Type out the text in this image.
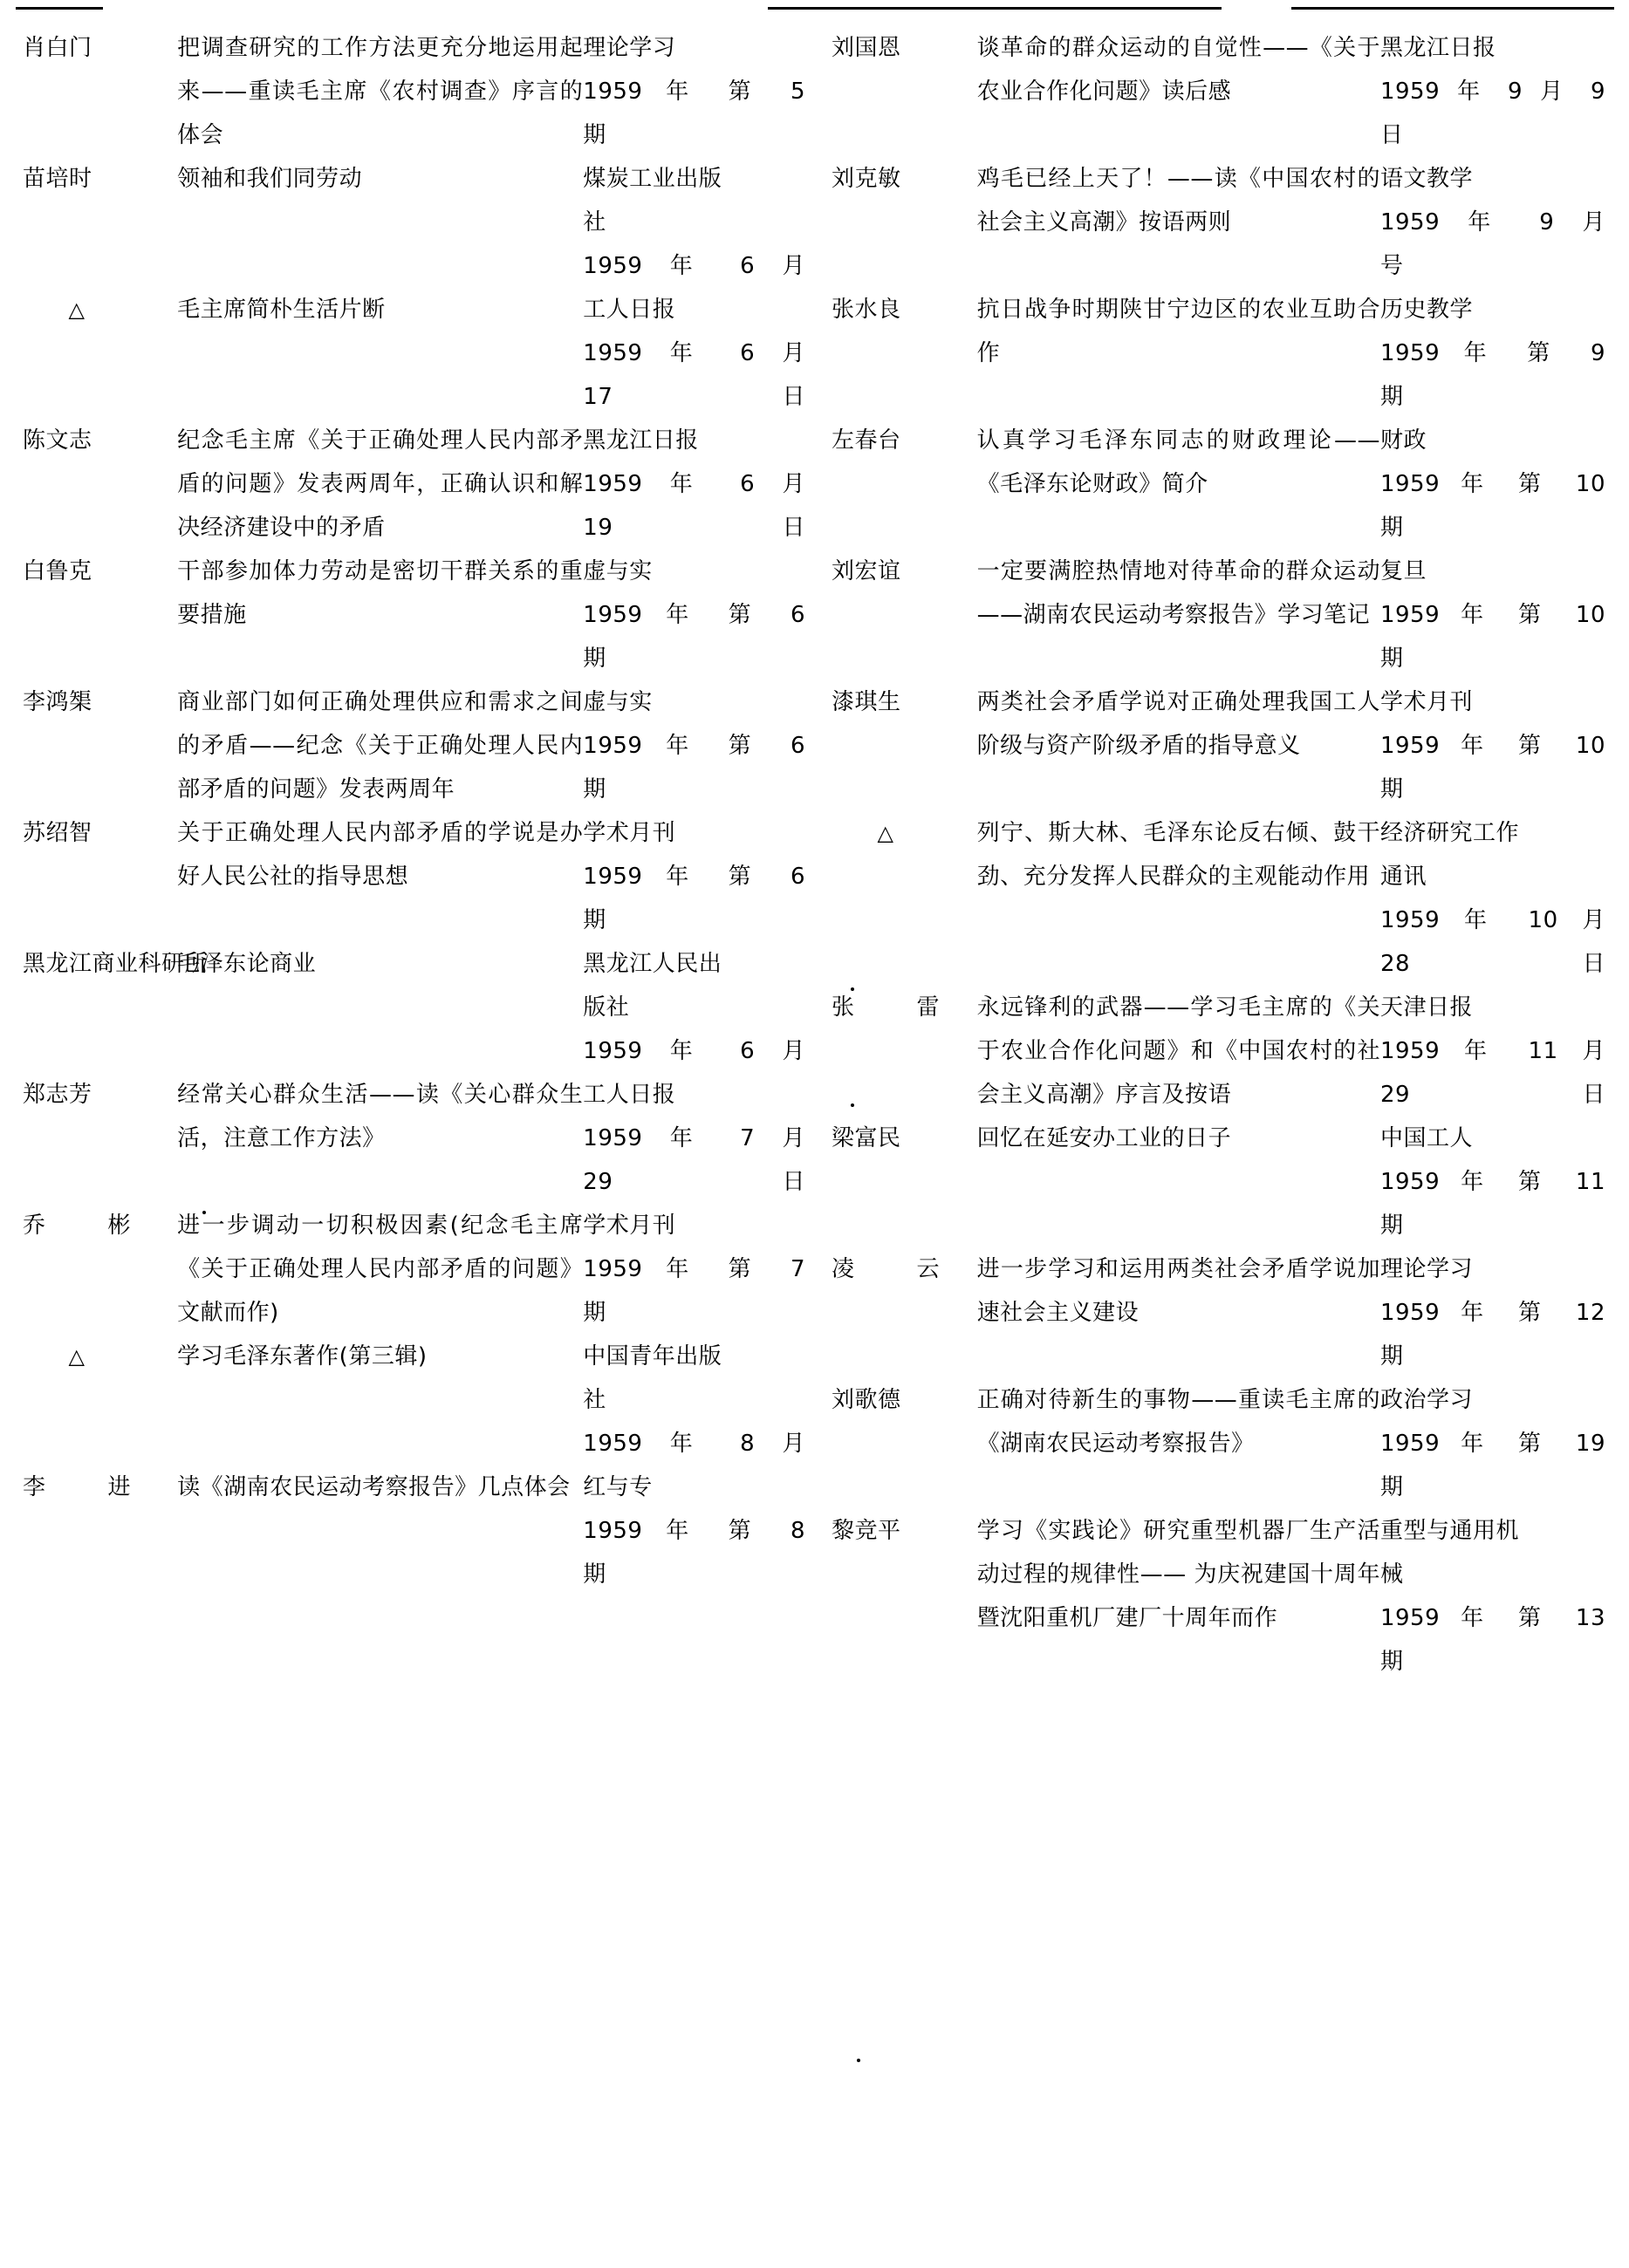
肖白门	把调查研究的工作方法更充分地运用起来——重读毛主席《农村调查》序言的体会	理论学习
1959 年 第 5
期

苗培时	领袖和我们同劳动	煤炭工业出版
社
1959 年 6 月

△	毛主席简朴生活片断	工人日报
1959 年 6 月
17 日

陈文志	纪念毛主席《关于正确处理人民内部矛盾的问题》发表两周年，正确认识和解决经济建设中的矛盾	黑龙江日报
1959 年 6 月
19 日

白鲁克	干部参加体力劳动是密切干群关系的重要措施	虚与实
1959 年 第 6
期

李鸿榘	商业部门如何正确处理供应和需求之间的矛盾——纪念《关于正确处理人民内部矛盾的问题》发表两周年	虚与实
1959 年 第 6
期

苏绍智	关于正确处理人民内部矛盾的学说是办好人民公社的指导思想	学术月刊
1959 年 第 6
期

黑龙江商业科研所	毛泽东论商业	黑龙江人民出
版社
1959 年 6 月

郑志芳	经常关心群众生活——读《关心群众生活，注意工作方法》	工人日报
1959 年 7 月
29 日

乔彬	进一步调动一切积极因素(纪念毛主席《关于正确处理人民内部矛盾的问题》文献而作)	学术月刊
1959 年 第 7
期

△	学习毛泽东著作(第三辑)	中国青年出版
社
1959 年 8 月

李进	读《湖南农民运动考察报告》几点体会	红与专
1959 年 第 8
期
刘国恩	谈革命的群众运动的自觉性——《关于农业合作化问题》读后感	黑龙江日报
1959 年 9 月 9
日

刘克敏	鸡毛已经上天了！——读《中国农村的社会主义高潮》按语两则	语文教学
1959 年 9 月
号

张水良	抗日战争时期陕甘宁边区的农业互助合作	历史教学
1959 年 第 9
期

左春台	认真学习毛泽东同志的财政理论——《毛泽东论财政》简介	财政
1959 年 第 10
期

刘宏谊	一定要满腔热情地对待革命的群众运动——湖南农民运动考察报告》学习笔记	复旦
1959 年 第 10
期

漆琪生	两类社会矛盾学说对正确处理我国工人阶级与资产阶级矛盾的指导意义	学术月刊
1959 年 第 10
期

△	列宁、斯大林、毛泽东论反右倾、鼓干劲、充分发挥人民群众的主观能动作用	经济研究工作
通讯
1959 年 10 月
28 日

张雷	永远锋利的武器——学习毛主席的《关于农业合作化问题》和《中国农村的社会主义高潮》序言及按语	天津日报
1959 年 11 月
29 日

梁富民	回忆在延安办工业的日子	中国工人
1959 年 第 11
期

凌云	进一步学习和运用两类社会矛盾学说加速社会主义建设	理论学习
1959 年 第 12
期

刘歌德	正确对待新生的事物——重读毛主席的《湖南农民运动考察报告》	政治学习
1959 年 第 19
期

黎竞平	学习《实践论》研究重型机器厂生产活动过程的规律性—— 为庆祝建国十周年暨沈阳重机厂建厂十周年而作	重型与通用机
械
1959 年 第 13
期
